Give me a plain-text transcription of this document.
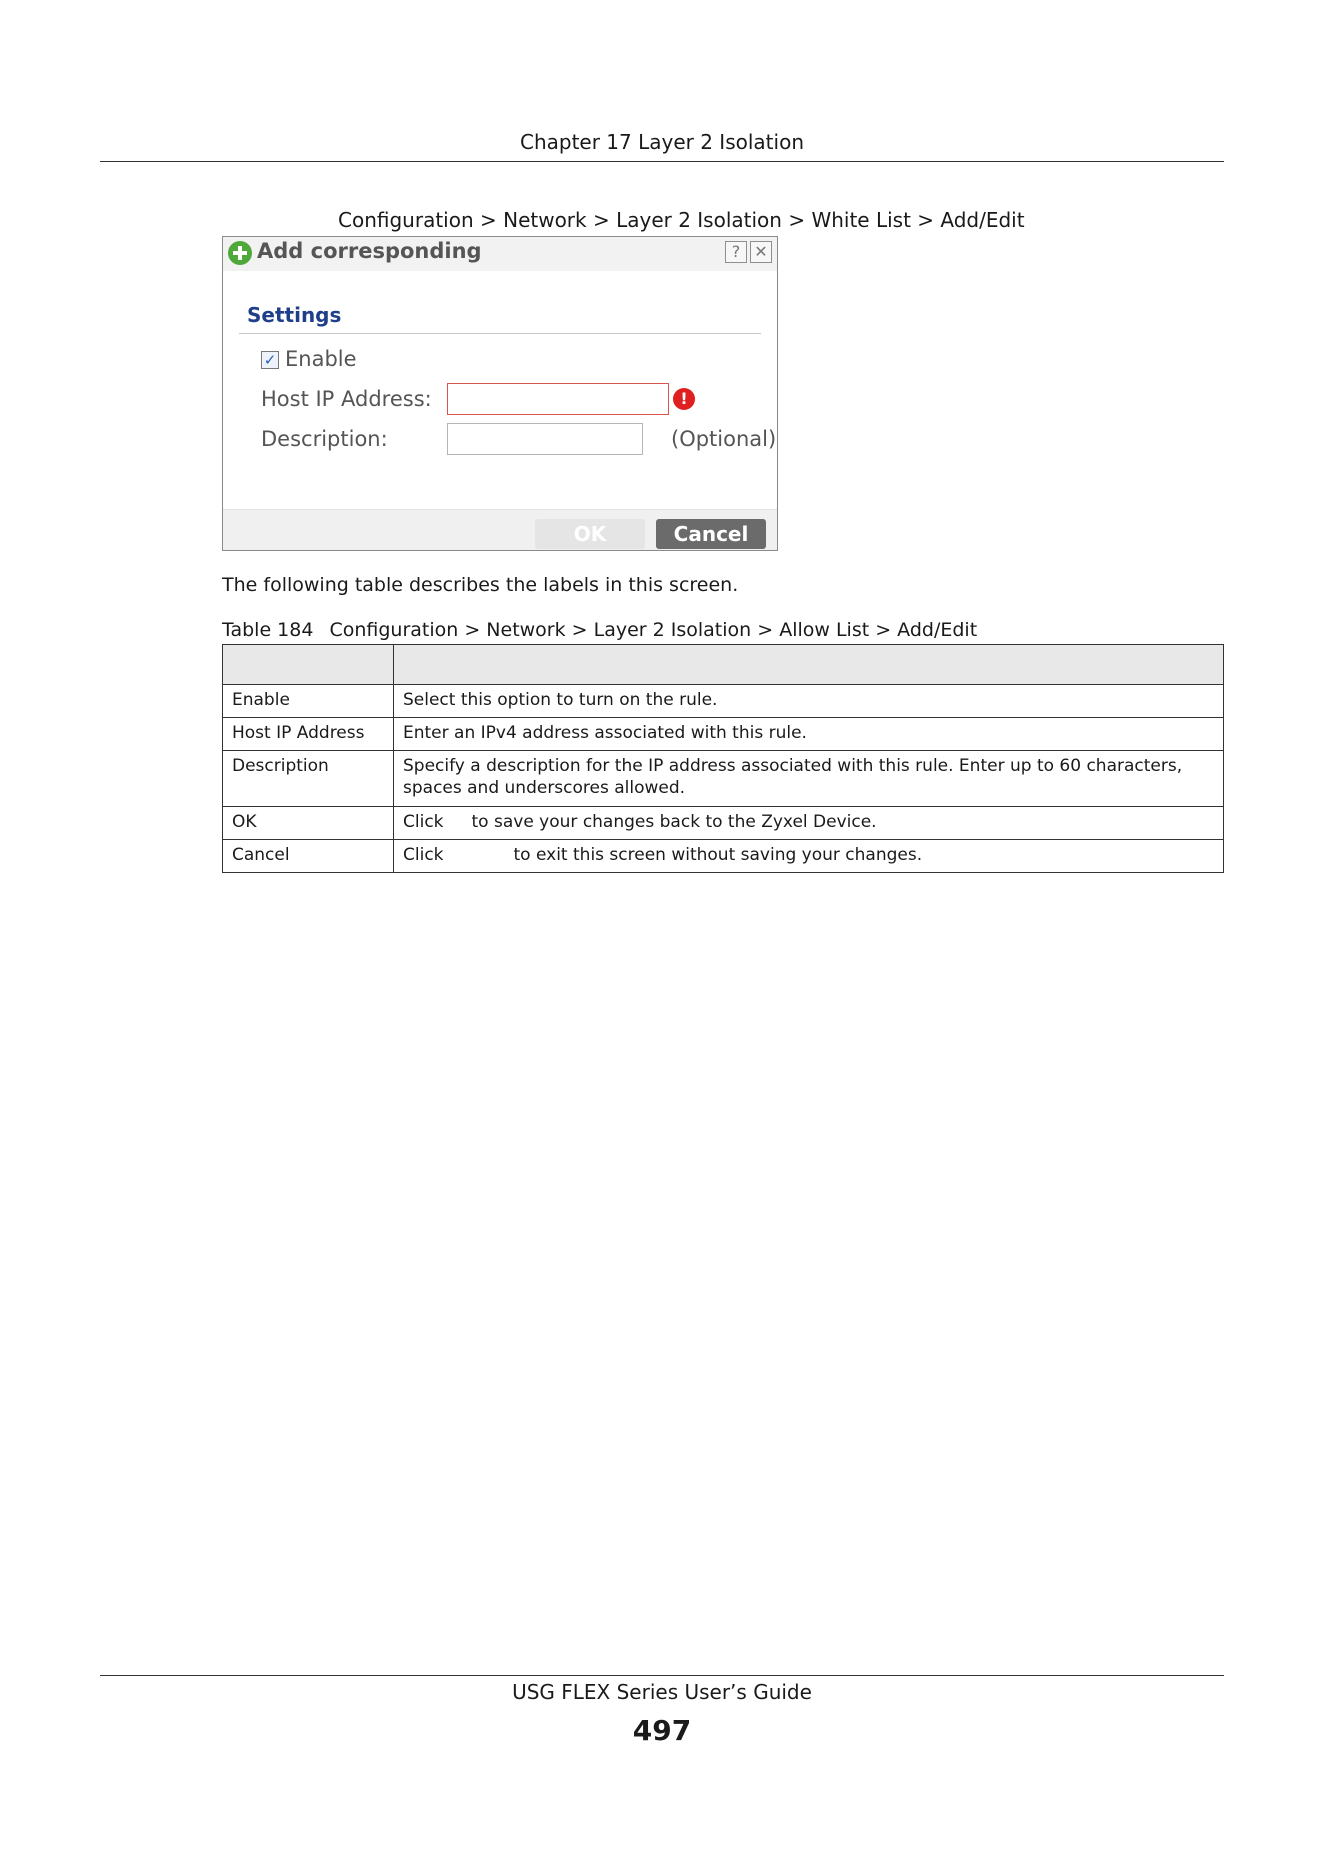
Chapter 17 Layer 2 Isolation
Configuration > Network > Layer 2 Isolation > White List > Add/Edit
Add corresponding	? ✕
Settings
✓ Enable
Host IP Address:	!
Description:	(Optional)
OK	Cancel
The following table describes the labels in this screen.
Table 184 Configuration > Network > Layer 2 Isolation > Allow List > Add/Edit

Enable	Select this option to turn on the rule.
Host IP Address	Enter an IPv4 address associated with this rule.
Description	Specify a description for the IP address associated with this rule. Enter up to 60 characters, spaces and underscores allowed.
OK	Click to save your changes back to the Zyxel Device.
Cancel	Click to exit this screen without saving your changes.
USG FLEX Series User’s Guide
497
